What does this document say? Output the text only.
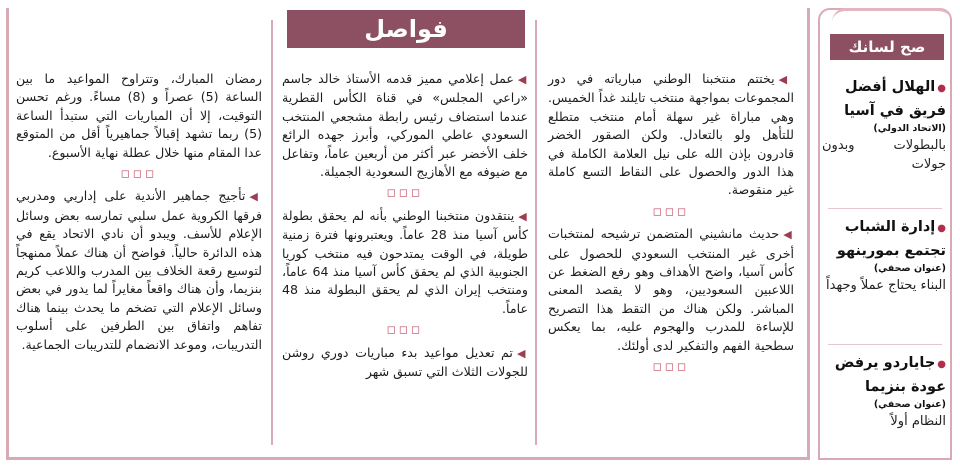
فواصل

◀يختتم منتخبنا الوطني مبارياته في دور المجموعات بمواجهة منتخب تايلند غداً الخميس. وهي مباراة غير سهلة أمام منتخب متطلع للتأهل ولو بالتعادل. ولكن الصقور الخضر قادرون بإذن الله على نيل العلامة الكاملة في هذا الدور والحصول على النقاط التسع كاملة غير منقوصة.

◻◻◻

◀حديث مانشيني المتضمن ترشيحه لمنتخبات أخرى غير المنتخب السعودي للحصول على كأس آسيا، واضح الأهداف وهو رفع الضغط عن اللاعبين السعوديين، وهو لا يقصد المعنى المباشر. ولكن هناك من التقط هذا التصريح للإساءة للمدرب والهجوم عليه، بما يعكس سطحية الفهم والتفكير لدى أولئك.

◻◻◻

◀عمل إعلامي مميز قدمه الأستاذ خالد جاسم «راعي المجلس» في قناة الكأس القطرية عندما استضاف رئيس رابطة مشجعي المنتخب السعودي عاطي الموركي، وأبرز جهده الرائع خلف الأخضر عبر أكثر من أربعين عاماً، وتفاعل مع ضيوفه مع الأهازيج السعودية الجميلة.

◻◻◻

◀ينتقدون منتخبنا الوطني بأنه لم يحقق بطولة كأس آسيا منذ 28 عاماً. ويعتبرونها فترة زمنية طويلة، في الوقت يمتدحون فيه منتخب كوريا الجنوبية الذي لم يحقق كأس آسيا منذ 64 عاماً، ومنتخب إيران الذي لم يحقق البطولة منذ 48 عاماً.

◻◻◻

◀تم تعديل مواعيد بدء مباريات دوري روشن للجولات الثلاث التي تسبق شهر

رمضان المبارك، وتتراوح المواعيد ما بين الساعة (5) عصراً و (8) مساءً. ورغم تحسن التوقيت، إلا أن المباريات التي ستبدأ الساعة (5) ربما تشهد إقبالاً جماهيرياً أقل من المتوقع عدا المقام منها خلال عطلة نهاية الأسبوع.

◻◻◻

◀تأجيج جماهير الأندية على إداريي ومدربي فرقها الكروية عمل سلبي تمارسه بعض وسائل الإعلام للأسف. ويبدو أن نادي الاتحاد يقع في هذه الدائرة حالياً. فواضح أن هناك عملاً ممنهجاً لتوسيع رقعة الخلاف بين المدرب واللاعب كريم بنزيما، وأن هناك واقعاً مغايراً لما يدور في بعض وسائل الإعلام التي تضخم ما يحدث بينما هناك تفاهم واتفاق بين الطرفين على أسلوب التدريبات، وموعد الانضمام للتدريبات الجماعية.

صح لسانك
●الهلال أفضل فريق في آسيا
(الاتحاد الدولي)
بالبطولات وبدون جولات
●إدارة الشباب تجتمع بمورينهو
(عنوان صحفي)
البناء يحتاج عملاً وجهداً
●جاياردو يرفض عودة بنزيما
(عنوان صحفي)
النظام أولاً
